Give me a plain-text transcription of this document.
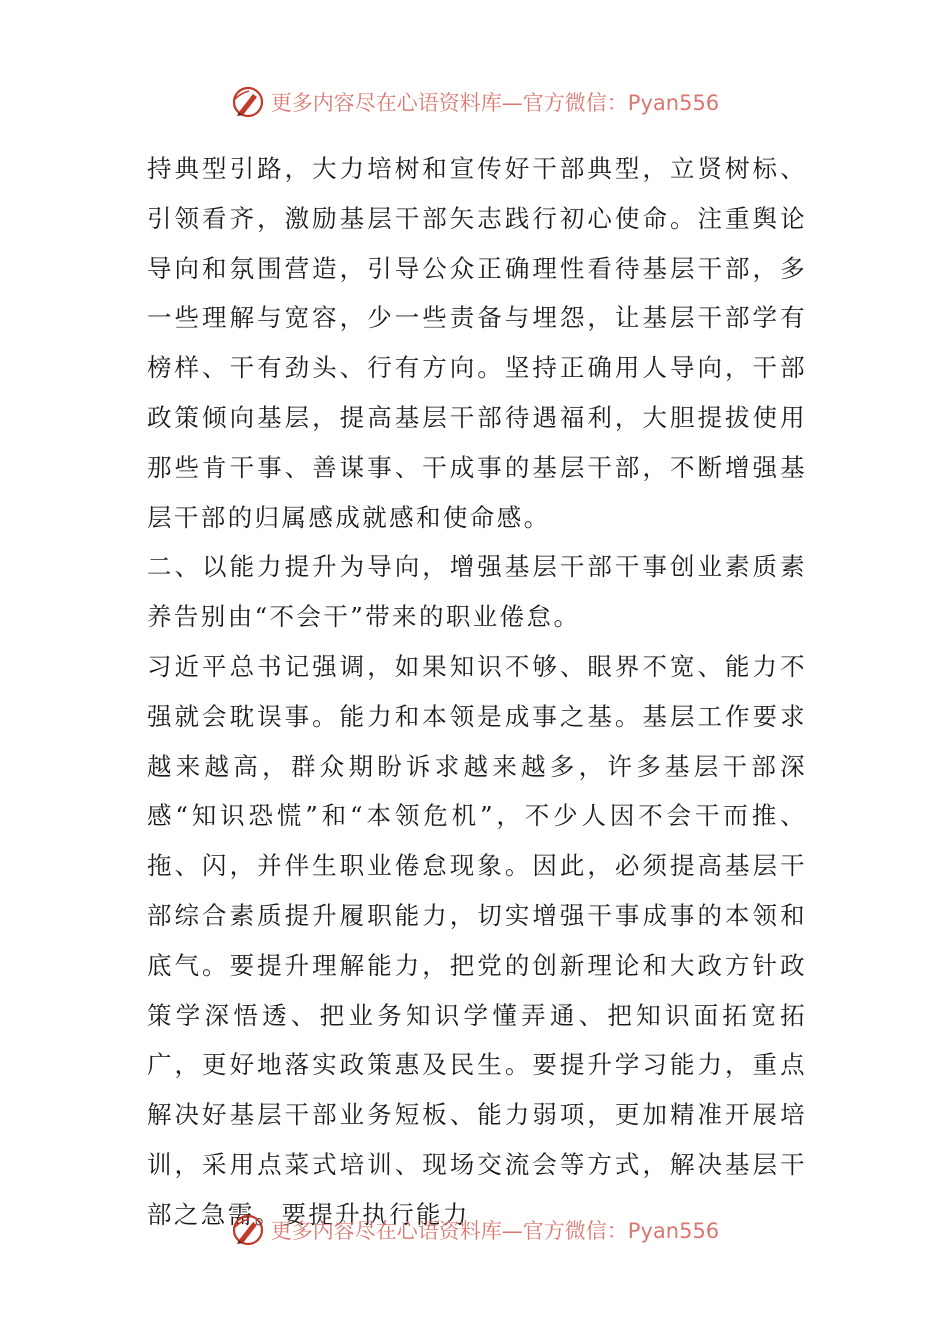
更多内容尽在心语资料库—官方微信：Pyan556

持典型引路，大力培树和宣传好干部典型，立贤树标、引领看齐，激励基层干部矢志践行初心使命。注重舆论导向和氛围营造，引导公众正确理性看待基层干部，多一些理解与宽容，少一些责备与埋怨，让基层干部学有榜样、干有劲头、行有方向。坚持正确用人导向，干部政策倾向基层，提高基层干部待遇福利，大胆提拔使用那些肯干事、善谋事、干成事的基层干部，不断增强基层干部的归属感成就感和使命感。

二、以能力提升为导向，增强基层干部干事创业素质素养告别由“不会干”带来的职业倦怠。

习近平总书记强调，如果知识不够、眼界不宽、能力不强就会耽误事。能力和本领是成事之基。基层工作要求越来越高，群众期盼诉求越来越多，许多基层干部深感“知识恐慌”和“本领危机”，不少人因不会干而推、拖、闪，并伴生职业倦怠现象。因此，必须提高基层干部综合素质提升履职能力，切实增强干事成事的本领和底气。要提升理解能力，把党的创新理论和大政方针政策学深悟透、把业务知识学懂弄通、把知识面拓宽拓广，更好地落实政策惠及民生。要提升学习能力，重点解决好基层干部业务短板、能力弱项，更加精准开展培训，采用点菜式培训、现场交流会等方式，解决基层干部之急需。要提升执行能力

更多内容尽在心语资料库—官方微信：Pyan556
